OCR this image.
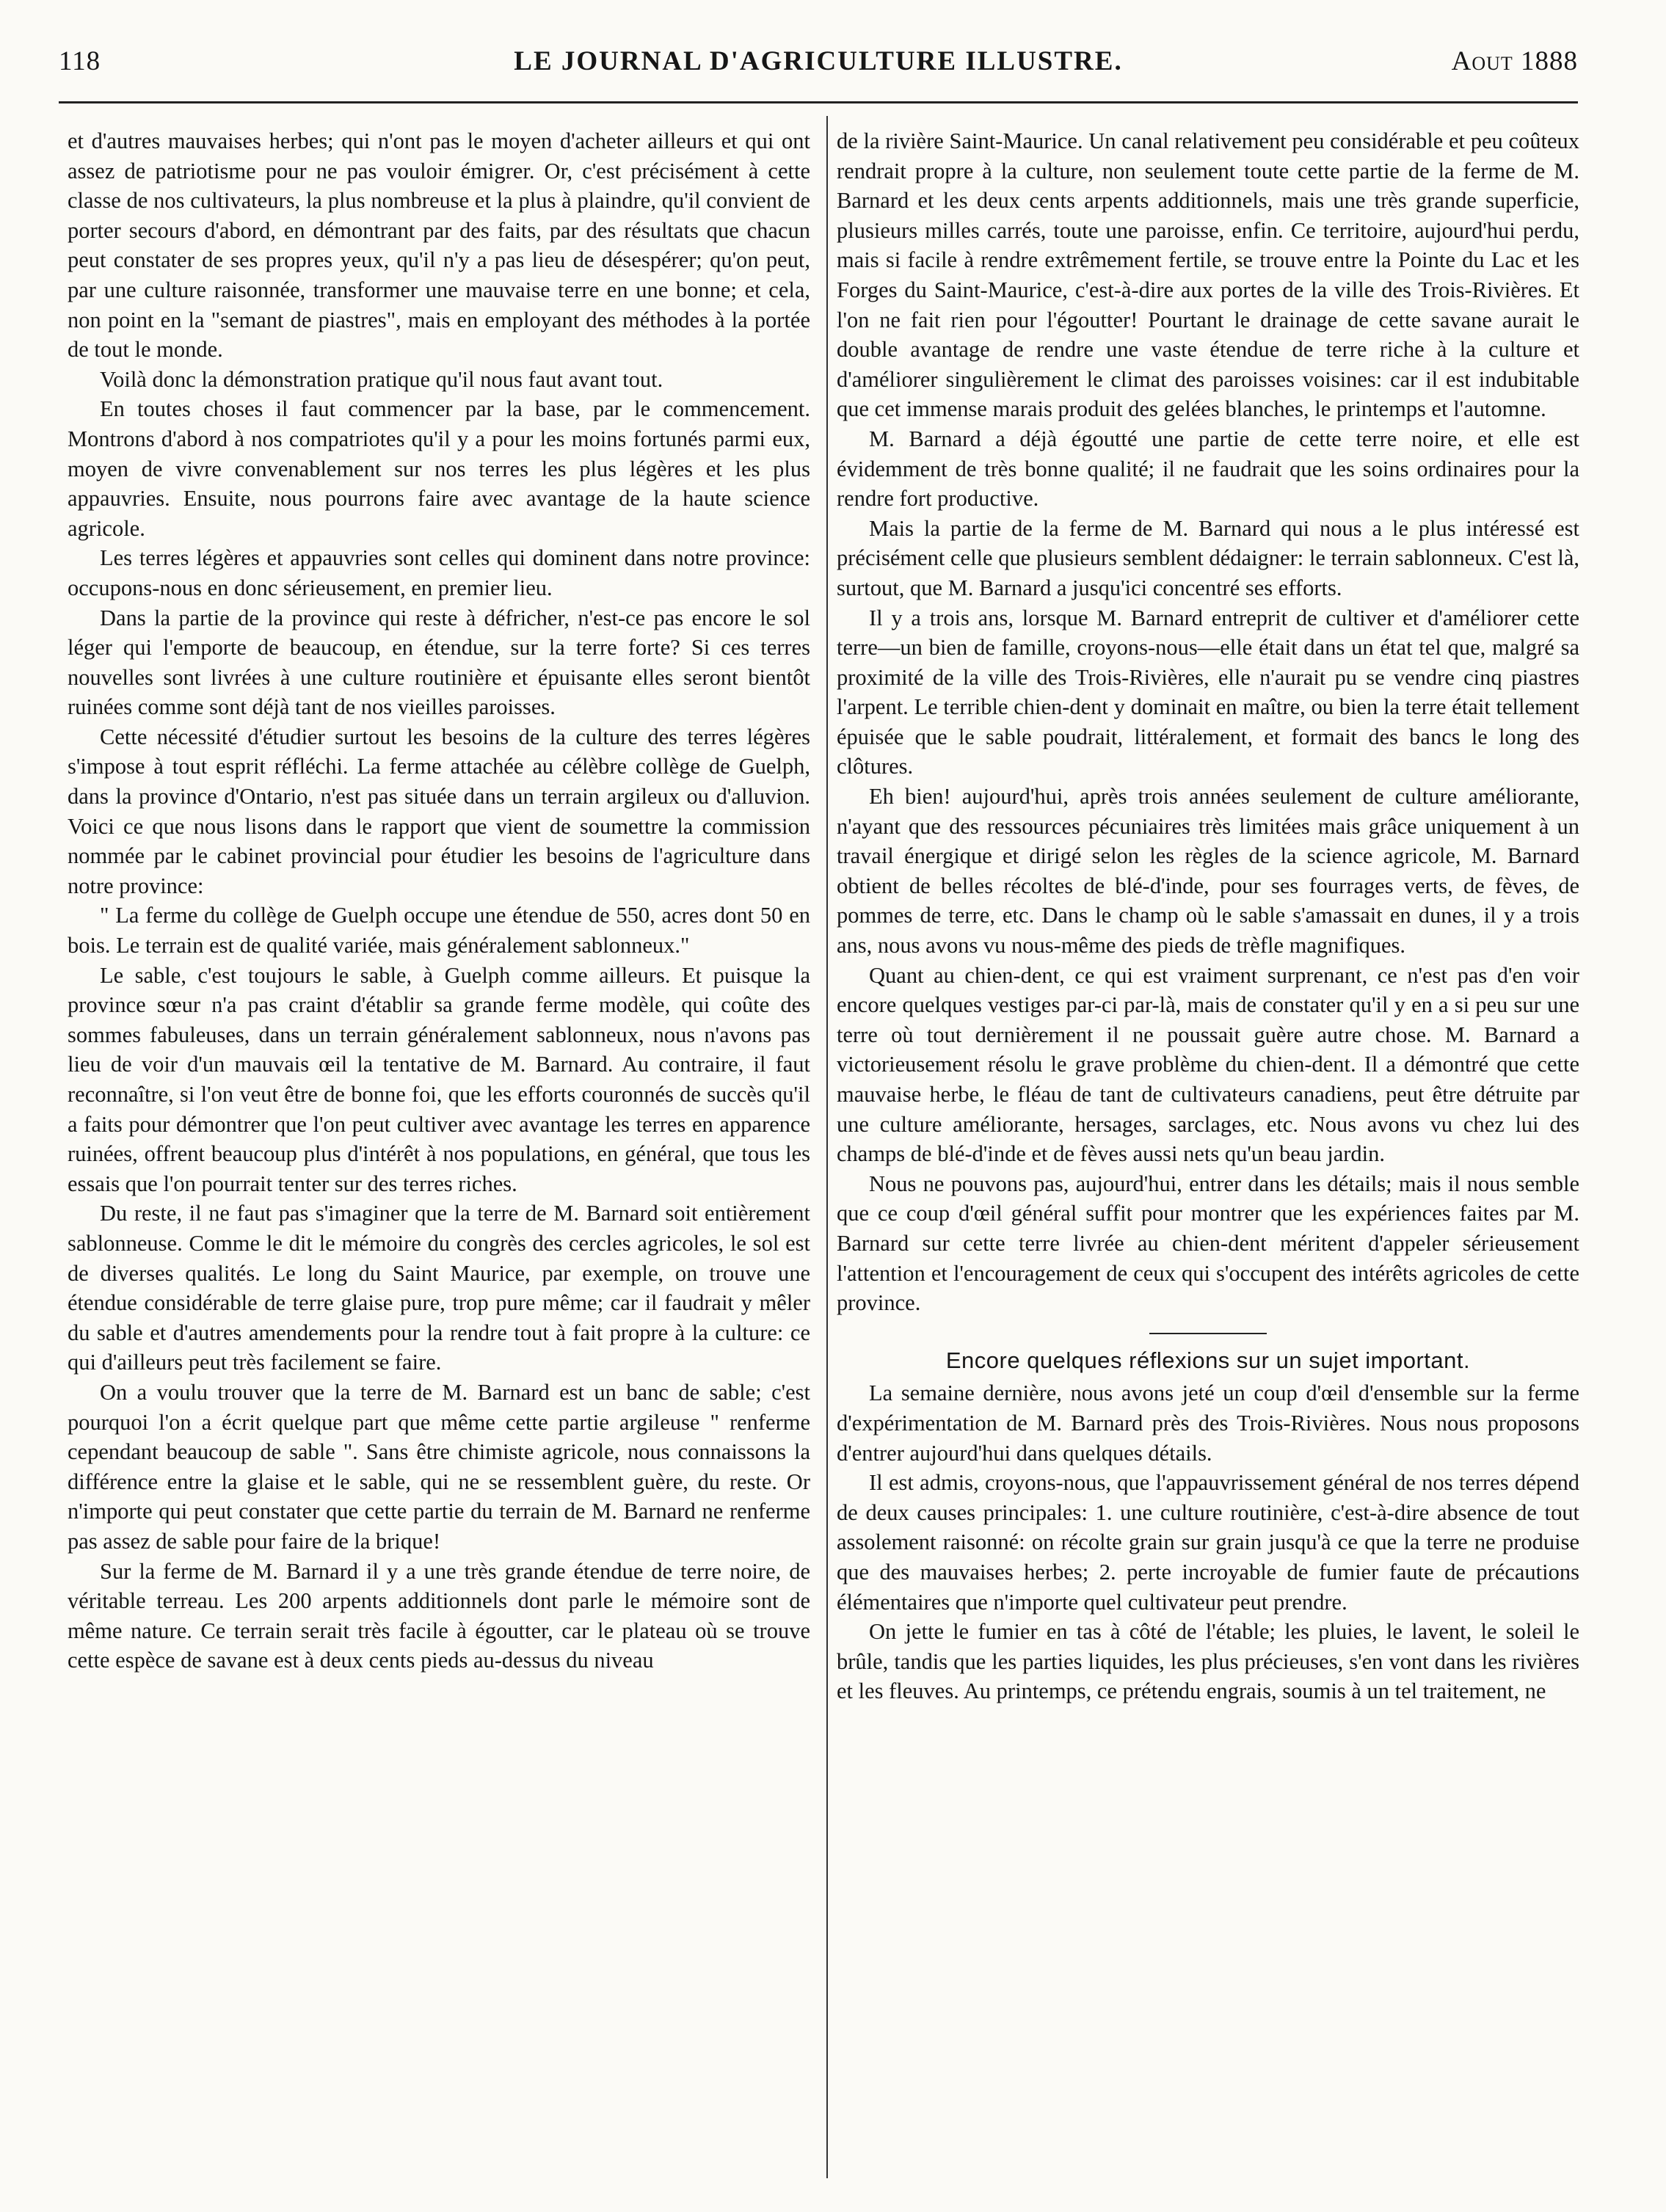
118	LE JOURNAL D'AGRICULTURE ILLUSTRE.	Aout 1888

et d'autres mauvaises herbes; qui n'ont pas le moyen d'acheter ailleurs et qui ont assez de patriotisme pour ne pas vouloir émigrer. Or, c'est précisément à cette classe de nos cultivateurs, la plus nombreuse et la plus à plaindre, qu'il convient de porter secours d'abord, en démontrant par des faits, par des résultats que chacun peut constater de ses propres yeux, qu'il n'y a pas lieu de désespérer; qu'on peut, par une culture raisonnée, transformer une mauvaise terre en une bonne; et cela, non point en la "semant de piastres", mais en employant des méthodes à la portée de tout le monde.

Voilà donc la démonstration pratique qu'il nous faut avant tout.

En toutes choses il faut commencer par la base, par le commencement. Montrons d'abord à nos compatriotes qu'il y a pour les moins fortunés parmi eux, moyen de vivre convenablement sur nos terres les plus légères et les plus appauvries. Ensuite, nous pourrons faire avec avantage de la haute science agricole.

Les terres légères et appauvries sont celles qui dominent dans notre province: occupons-nous en donc sérieusement, en premier lieu.

Dans la partie de la province qui reste à défricher, n'est-ce pas encore le sol léger qui l'emporte de beaucoup, en étendue, sur la terre forte? Si ces terres nouvelles sont livrées à une culture routinière et épuisante elles seront bientôt ruinées comme sont déjà tant de nos vieilles paroisses.

Cette nécessité d'étudier surtout les besoins de la culture des terres légères s'impose à tout esprit réfléchi. La ferme attachée au célèbre collège de Guelph, dans la province d'Ontario, n'est pas située dans un terrain argileux ou d'alluvion. Voici ce que nous lisons dans le rapport que vient de soumettre la commission nommée par le cabinet provincial pour étudier les besoins de l'agriculture dans notre province:

" La ferme du collège de Guelph occupe une étendue de 550, acres dont 50 en bois. Le terrain est de qualité variée, mais généralement sablonneux."

Le sable, c'est toujours le sable, à Guelph comme ailleurs. Et puisque la province sœur n'a pas craint d'établir sa grande ferme modèle, qui coûte des sommes fabuleuses, dans un terrain généralement sablonneux, nous n'avons pas lieu de voir d'un mauvais œil la tentative de M. Barnard. Au contraire, il faut reconnaître, si l'on veut être de bonne foi, que les efforts couronnés de succès qu'il a faits pour démontrer que l'on peut cultiver avec avantage les terres en apparence ruinées, offrent beaucoup plus d'intérêt à nos populations, en général, que tous les essais que l'on pourrait tenter sur des terres riches.

Du reste, il ne faut pas s'imaginer que la terre de M. Barnard soit entièrement sablonneuse. Comme le dit le mémoire du congrès des cercles agricoles, le sol est de diverses qualités. Le long du Saint Maurice, par exemple, on trouve une étendue considérable de terre glaise pure, trop pure même; car il faudrait y mêler du sable et d'autres amendements pour la rendre tout à fait propre à la culture: ce qui d'ailleurs peut très facilement se faire.

On a voulu trouver que la terre de M. Barnard est un banc de sable; c'est pourquoi l'on a écrit quelque part que même cette partie argileuse " renferme cependant beaucoup de sable ". Sans être chimiste agricole, nous connaissons la différence entre la glaise et le sable, qui ne se ressemblent guère, du reste. Or n'importe qui peut constater que cette partie du terrain de M. Barnard ne renferme pas assez de sable pour faire de la brique!

Sur la ferme de M. Barnard il y a une très grande étendue de terre noire, de véritable terreau. Les 200 arpents additionnels dont parle le mémoire sont de même nature. Ce terrain serait très facile à égoutter, car le plateau où se trouve cette espèce de savane est à deux cents pieds au-dessus du niveau

de la rivière Saint-Maurice. Un canal relativement peu considérable et peu coûteux rendrait propre à la culture, non seulement toute cette partie de la ferme de M. Barnard et les deux cents arpents additionnels, mais une très grande superficie, plusieurs milles carrés, toute une paroisse, enfin. Ce territoire, aujourd'hui perdu, mais si facile à rendre extrêmement fertile, se trouve entre la Pointe du Lac et les Forges du Saint-Maurice, c'est-à-dire aux portes de la ville des Trois-Rivières. Et l'on ne fait rien pour l'égoutter! Pourtant le drainage de cette savane aurait le double avantage de rendre une vaste étendue de terre riche à la culture et d'améliorer singulièrement le climat des paroisses voisines: car il est indubitable que cet immense marais produit des gelées blanches, le printemps et l'automne.

M. Barnard a déjà égoutté une partie de cette terre noire, et elle est évidemment de très bonne qualité; il ne faudrait que les soins ordinaires pour la rendre fort productive.

Mais la partie de la ferme de M. Barnard qui nous a le plus intéressé est précisément celle que plusieurs semblent dédaigner: le terrain sablonneux. C'est là, surtout, que M. Barnard a jusqu'ici concentré ses efforts.

Il y a trois ans, lorsque M. Barnard entreprit de cultiver et d'améliorer cette terre—un bien de famille, croyons-nous—elle était dans un état tel que, malgré sa proximité de la ville des Trois-Rivières, elle n'aurait pu se vendre cinq piastres l'arpent. Le terrible chien-dent y dominait en maître, ou bien la terre était tellement épuisée que le sable poudrait, littéralement, et formait des bancs le long des clôtures.

Eh bien! aujourd'hui, après trois années seulement de culture améliorante, n'ayant que des ressources pécuniaires très limitées mais grâce uniquement à un travail énergique et dirigé selon les règles de la science agricole, M. Barnard obtient de belles récoltes de blé-d'inde, pour ses fourrages verts, de fèves, de pommes de terre, etc. Dans le champ où le sable s'amassait en dunes, il y a trois ans, nous avons vu nous-même des pieds de trèfle magnifiques.

Quant au chien-dent, ce qui est vraiment surprenant, ce n'est pas d'en voir encore quelques vestiges par-ci par-là, mais de constater qu'il y en a si peu sur une terre où tout dernièrement il ne poussait guère autre chose. M. Barnard a victorieusement résolu le grave problème du chien-dent. Il a démontré que cette mauvaise herbe, le fléau de tant de cultivateurs canadiens, peut être détruite par une culture améliorante, hersages, sarclages, etc. Nous avons vu chez lui des champs de blé-d'inde et de fèves aussi nets qu'un beau jardin.

Nous ne pouvons pas, aujourd'hui, entrer dans les détails; mais il nous semble que ce coup d'œil général suffit pour montrer que les expériences faites par M. Barnard sur cette terre livrée au chien-dent méritent d'appeler sérieusement l'attention et l'encouragement de ceux qui s'occupent des intérêts agricoles de cette province.

Encore quelques réflexions sur un sujet important.

La semaine dernière, nous avons jeté un coup d'œil d'ensemble sur la ferme d'expérimentation de M. Barnard près des Trois-Rivières. Nous nous proposons d'entrer aujourd'hui dans quelques détails.

Il est admis, croyons-nous, que l'appauvrissement général de nos terres dépend de deux causes principales: 1. une culture routinière, c'est-à-dire absence de tout assolement raisonné: on récolte grain sur grain jusqu'à ce que la terre ne produise que des mauvaises herbes; 2. perte incroyable de fumier faute de précautions élémentaires que n'importe quel cultivateur peut prendre.

On jette le fumier en tas à côté de l'étable; les pluies, le lavent, le soleil le brûle, tandis que les parties liquides, les plus précieuses, s'en vont dans les rivières et les fleuves. Au printemps, ce prétendu engrais, soumis à un tel traitement, ne
